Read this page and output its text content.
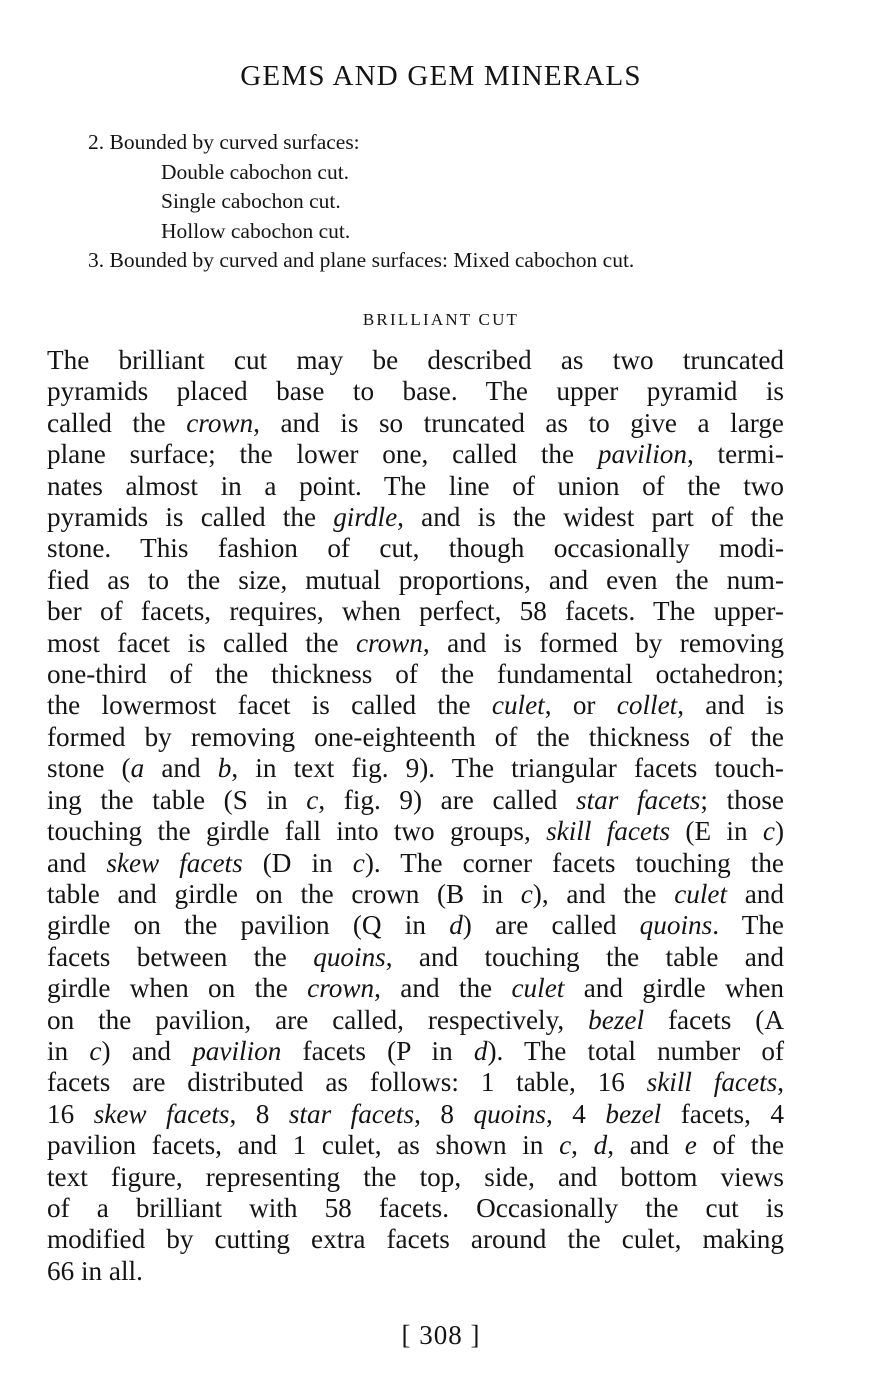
GEMS AND GEM MINERALS
2. Bounded by curved surfaces:
Double cabochon cut.
Single cabochon cut.
Hollow cabochon cut.
3. Bounded by curved and plane surfaces: Mixed cabochon cut.
BRILLIANT CUT
The brilliant cut may be described as two truncated
pyramids placed base to base. The upper pyramid is
called the crown, and is so truncated as to give a large
plane surface; the lower one, called the pavilion, termi-
nates almost in a point. The line of union of the two
pyramids is called the girdle, and is the widest part of the
stone. This fashion of cut, though occasionally modi-
fied as to the size, mutual proportions, and even the num-
ber of facets, requires, when perfect, 58 facets. The upper-
most facet is called the crown, and is formed by removing
one-third of the thickness of the fundamental octahedron;
the lowermost facet is called the culet, or collet, and is
formed by removing one-eighteenth of the thickness of the
stone (a and b, in text fig. 9). The triangular facets touch-
ing the table (S in c, fig. 9) are called star facets; those
touching the girdle fall into two groups, skill facets (E in c)
and skew facets (D in c). The corner facets touching the
table and girdle on the crown (B in c), and the culet and
girdle on the pavilion (Q in d) are called quoins. The
facets between the quoins, and touching the table and
girdle when on the crown, and the culet and girdle when
on the pavilion, are called, respectively, bezel facets (A
in c) and pavilion facets (P in d). The total number of
facets are distributed as follows: 1 table, 16 skill facets,
16 skew facets, 8 star facets, 8 quoins, 4 bezel facets, 4
pavilion facets, and 1 culet, as shown in c, d, and e of the
text figure, representing the top, side, and bottom views
of a brilliant with 58 facets. Occasionally the cut is
modified by cutting extra facets around the culet, making
66 in all.
[ 308 ]
